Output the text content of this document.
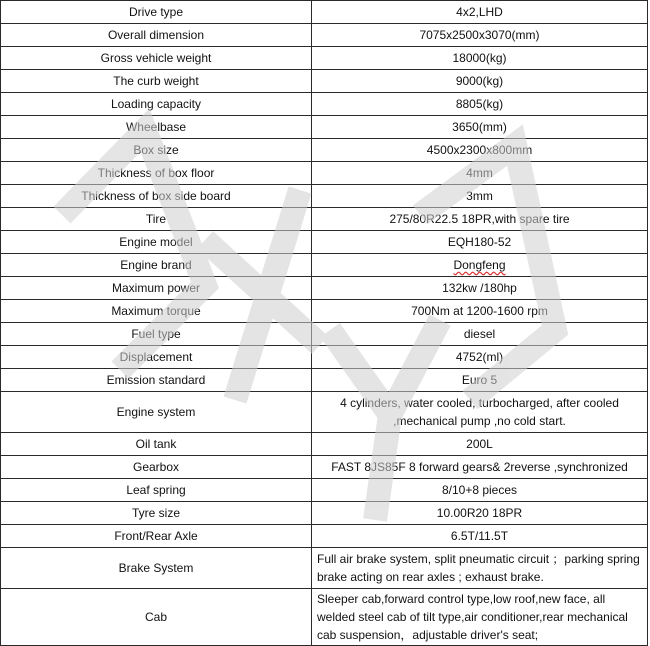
Drive type	4x2,LHD
Overall dimension	7075x2500x3070(mm)
Gross vehicle weight	18000(kg)
The curb weight	9000(kg)
Loading capacity	8805(kg)
Wheelbase	3650(mm)
Box size	4500x2300x800mm
Thickness of box floor	4mm
Thickness of box side board	3mm
Tire	275/80R22.5 18PR,with spare tire
Engine model	EQH180-52
Engine brand	Dongfeng
Maximum power	132kw /180hp
Maximum torque	700Nm at 1200-1600 rpm
Fuel type	diesel
Displacement	4752(ml)
Emission standard	Euro 5
Engine system	4 cylinders, water cooled, turbocharged, after cooled ,mechanical pump ,no cold start.
Oil tank	200L
Gearbox	FAST 8JS85F 8 forward gears& 2reverse ,synchronized
Leaf spring	8/10+8 pieces
Tyre size	10.00R20 18PR
Front/Rear Axle	6.5T/11.5T
Brake System	Full air brake system, split pneumatic circuit ；parking spring brake acting on rear axles ; exhaust brake.
Cab	Sleeper cab,forward control type,low roof,new face, all welded steel cab of tilt type,air conditioner,rear mechanical cab suspension，adjustable driver's seat;
